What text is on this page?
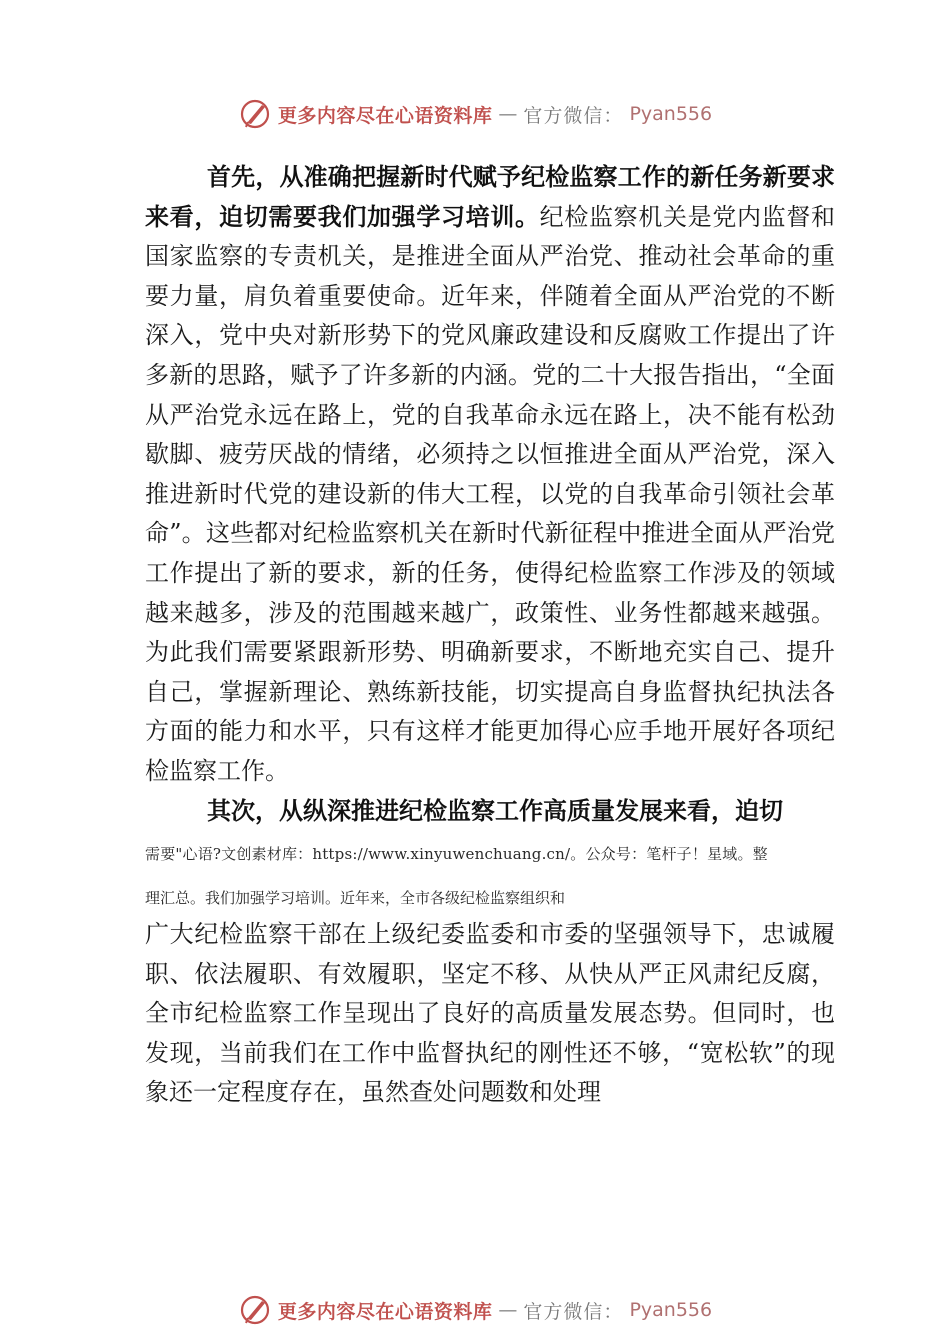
更多内容尽在心语资料库 — 官方微信： Pyan556

首先，从准确把握新时代赋予纪检监察工作的新任务新要求来看，迫切需要我们加强学习培训。纪检监察机关是党内监督和国家监察的专责机关，是推进全面从严治党、推动社会革命的重要力量，肩负着重要使命。近年来，伴随着全面从严治党的不断深入，党中央对新形势下的党风廉政建设和反腐败工作提出了许多新的思路，赋予了许多新的内涵。党的二十大报告指出，“全面从严治党永远在路上，党的自我革命永远在路上，决不能有松劲歇脚、疲劳厌战的情绪，必须持之以恒推进全面从严治党，深入推进新时代党的建设新的伟大工程，以党的自我革命引领社会革命”。这些都对纪检监察机关在新时代新征程中推进全面从严治党工作提出了新的要求，新的任务，使得纪检监察工作涉及的领域越来越多，涉及的范围越来越广，政策性、业务性都越来越强。为此我们需要紧跟新形势、明确新要求，不断地充实自己、提升自己，掌握新理论、熟练新技能，切实提高自身监督执纪执法各方面的能力和水平，只有这样才能更加得心应手地开展好各项纪检监察工作。

其次，从纵深推进纪检监察工作高质量发展来看，迫切

需要"心语?文创素材库：https://www.xinyuwenchuang.cn/。公众号：笔杆子！星域。整

理汇总。我们加强学习培训。近年来，全市各级纪检监察组织和

广大纪检监察干部在上级纪委监委和市委的坚强领导下，忠诚履职、依法履职、有效履职，坚定不移、从快从严正风肃纪反腐，全市纪检监察工作呈现出了良好的高质量发展态势。但同时，也发现，当前我们在工作中监督执纪的刚性还不够，“宽松软”的现象还一定程度存在，虽然查处问题数和处理

更多内容尽在心语资料库 — 官方微信： Pyan556
